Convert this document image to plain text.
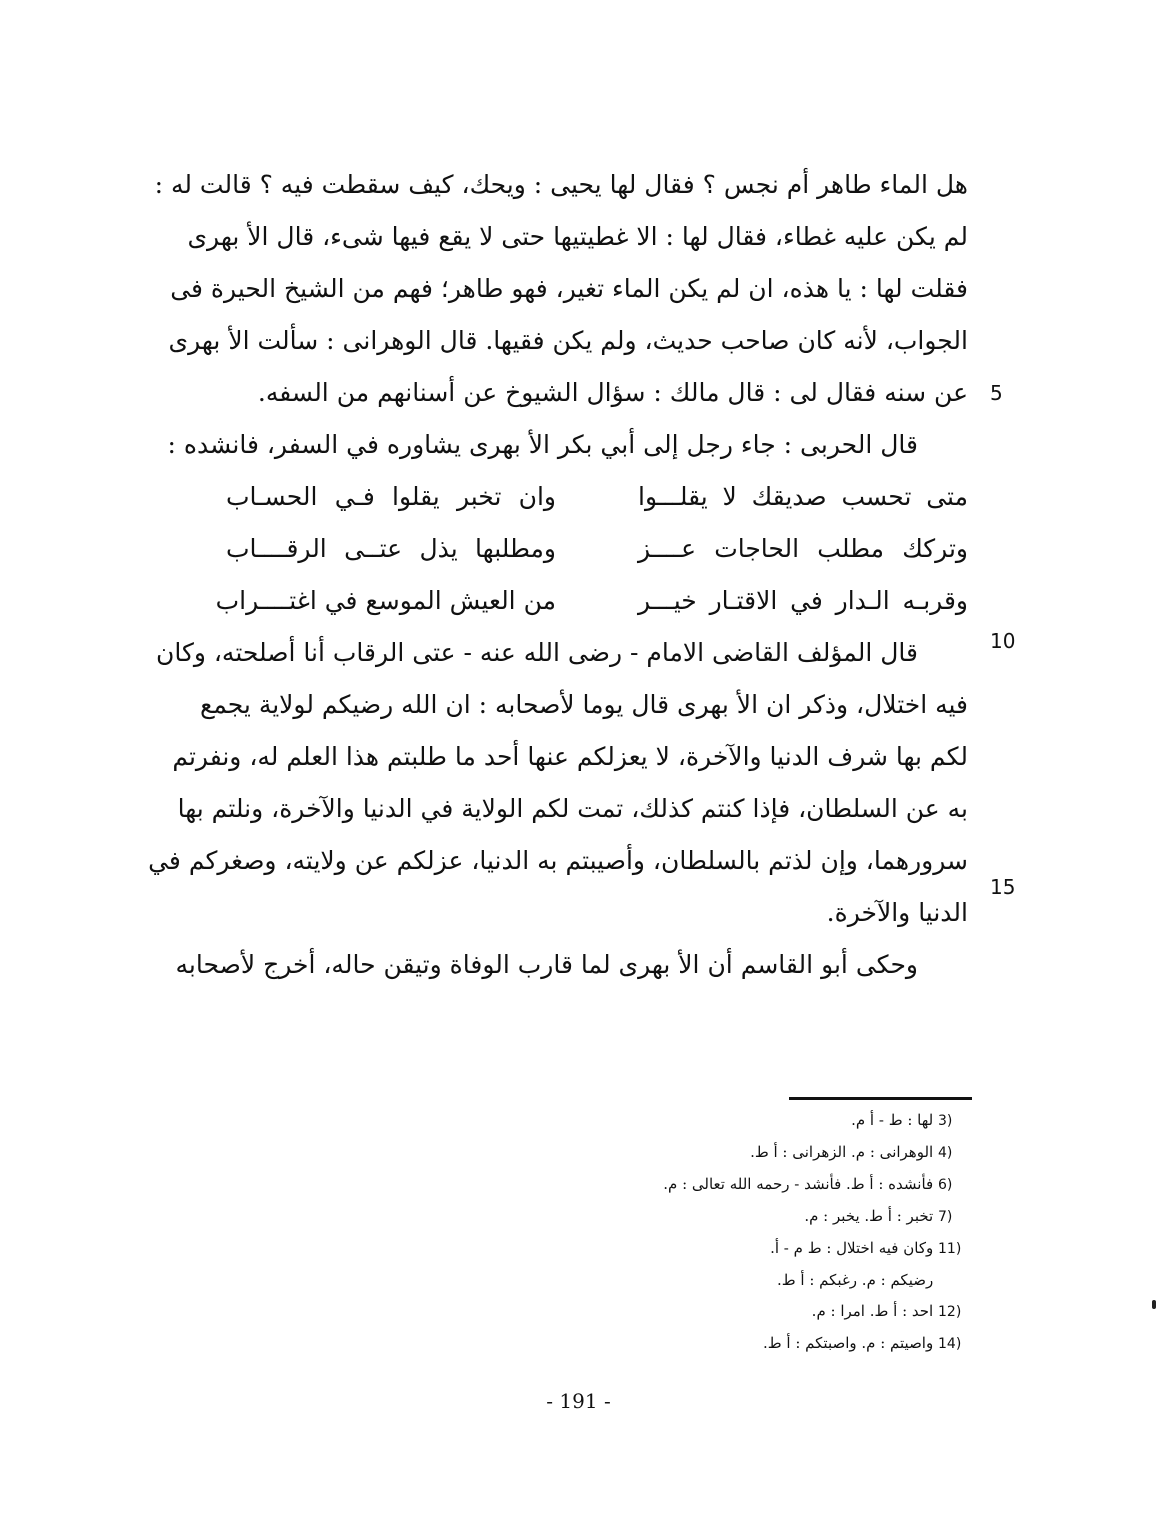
هل الماء طاهر أم نجس ؟ فقال لها يحيى : ويحك، كيف سقطت فيه ؟ قالت له :
لم يكن عليه غطاء، فقال لها : الا غطيتيها حتى لا يقع فيها شىء، قال الأ بهرى
فقلت لها : يا هذه، ان لم يكن الماء تغير، فهو طاهر؛ فهم من الشيخ الحيرة فى
الجواب، لأنه كان صاحب حديث، ولم يكن فقيها. قال الوهرانى : سألت الأ بهرى
عن سنه فقال لى : قال مالك : سؤال الشيوخ عن أسنانهم من السفه.
قال الحربى : جاء رجل إلى أبي بكر الأ بهرى يشاوره في السفر، فانشده :
متى تحسب صديقك لا يقلـــوا
وان تخبر يقلوا فـي الحسـاب
وتركك مطلب الحاجات عــــز
ومطلبها يذل عتــى الرقــــاب
وقربـه الـدار في الاقتـار خيـــر
من العيش الموسع في اغتــــراب
قال المؤلف القاضى الامام - رضى الله عنه - عتى الرقاب أنا أصلحته، وكان
فيه اختلال، وذكر ان الأ بهرى قال يوما لأصحابه : ان الله رضيكم لولاية يجمع
لكم بها شرف الدنيا والآخرة، لا يعزلكم عنها أحد ما طلبتم هذا العلم له، ونفرتم
به عن السلطان، فإذا كنتم كذلك، تمت لكم الولاية في الدنيا والآخرة، ونلتم بها
سرورهما، وإن لذتم بالسلطان، وأصيبتم به الدنيا، عزلكم عن ولايته، وصغركم في
الدنيا والآخرة.
وحكى أبو القاسم أن الأ بهرى لما قارب الوفاة وتيقن حاله، أخرج لأصحابه
5
10
15
3) لها : ط - أ م.
4) الوهرانى : م. الزهرانى : أ ط.
6) فأنشده : أ ط. فأنشد - رحمه الله تعالى : م.
7) تخبر : أ ط. يخبر : م.
11) وكان فيه اختلال : ط م - أ.
رضيكم : م. رغبكم : أ ط.
12) احد : أ ط. امرا : م.
14) واصيتم : م. واصبتكم : أ ط.
- 191 -
